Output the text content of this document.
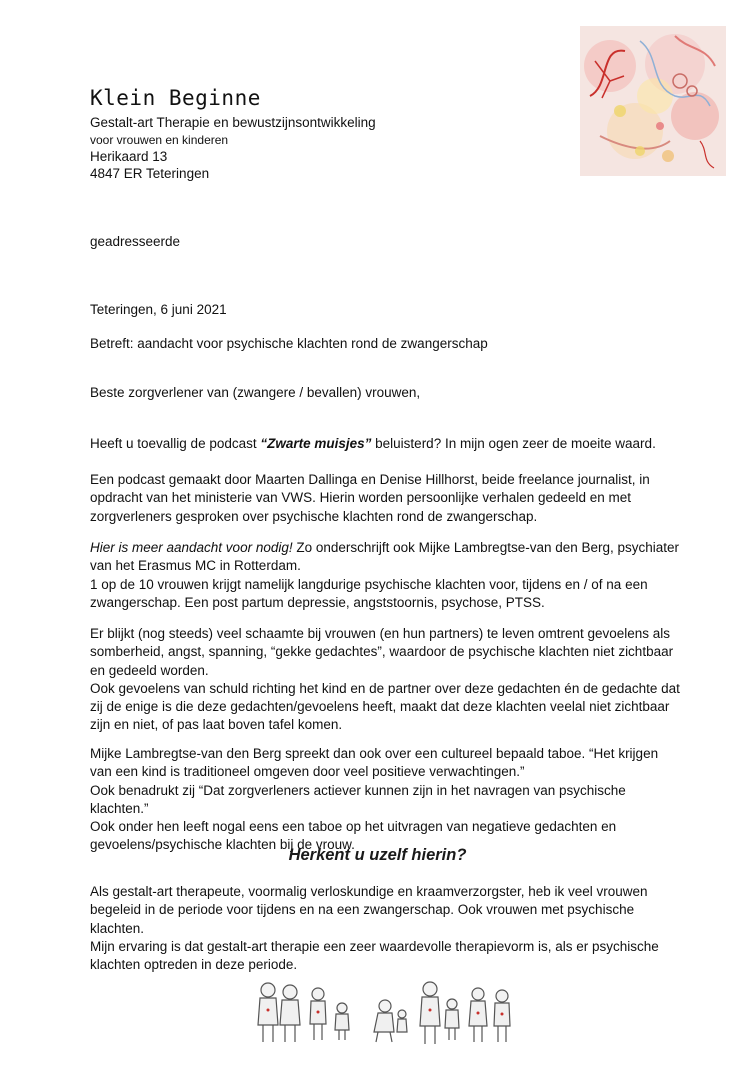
Klein Beginne
Gestalt-art Therapie en bewustzijnsontwikkeling
voor vrouwen en kinderen
Herikaard 13
4847 ER Teteringen
geadresseerde
Teteringen, 6 juni 2021
Betreft: aandacht voor psychische klachten rond de zwangerschap
Beste zorgverlener van (zwangere / bevallen) vrouwen,

Heeft u toevallig de podcast “Zwarte muisjes” beluisterd? In mijn ogen zeer de moeite waard.

Een podcast gemaakt door Maarten Dallinga en Denise Hillhorst, beide freelance journalist, in opdracht van het ministerie van VWS. Hierin worden persoonlijke verhalen gedeeld en met zorgverleners gesproken over psychische klachten rond de zwangerschap.

Hier is meer aandacht voor nodig! Zo onderschrijft ook Mijke Lambregtse-van den Berg, psychiater van het Erasmus MC in Rotterdam.

1 op de 10 vrouwen krijgt namelijk langdurige psychische klachten voor, tijdens en / of na een zwangerschap. Een post partum depressie, angststoornis, psychose, PTSS.

Er blijkt (nog steeds) veel schaamte bij vrouwen (en hun partners) te leven omtrent gevoelens als somberheid, angst, spanning, “gekke gedachtes”, waardoor de psychische klachten niet zichtbaar en gedeeld worden.

Ook gevoelens van schuld richting het kind en de partner over deze gedachten én de gedachte dat zij de enige is die deze gedachten/gevoelens heeft, maakt dat deze klachten veelal niet zichtbaar zijn en niet, of pas laat boven tafel komen.

Mijke Lambregtse-van den Berg spreekt dan ook over een cultureel bepaald taboe. “Het krijgen van een kind is traditioneel omgeven door veel positieve verwachtingen.”

Ook benadrukt zij “Dat zorgverleners actiever kunnen zijn in het navragen van psychische klachten.”

Ook onder hen leeft nogal eens een taboe op het uitvragen van negatieve gedachten en gevoelens/psychische klachten bij de vrouw.

Herkent u uzelf hierin?

Als gestalt-art therapeute, voormalig verloskundige en kraamverzorgster, heb ik veel vrouwen begeleid in de periode voor tijdens en na een zwangerschap. Ook vrouwen met psychische klachten.

Mijn ervaring is dat gestalt-art therapie een zeer waardevolle therapievorm is, als er psychische klachten optreden in deze periode.
